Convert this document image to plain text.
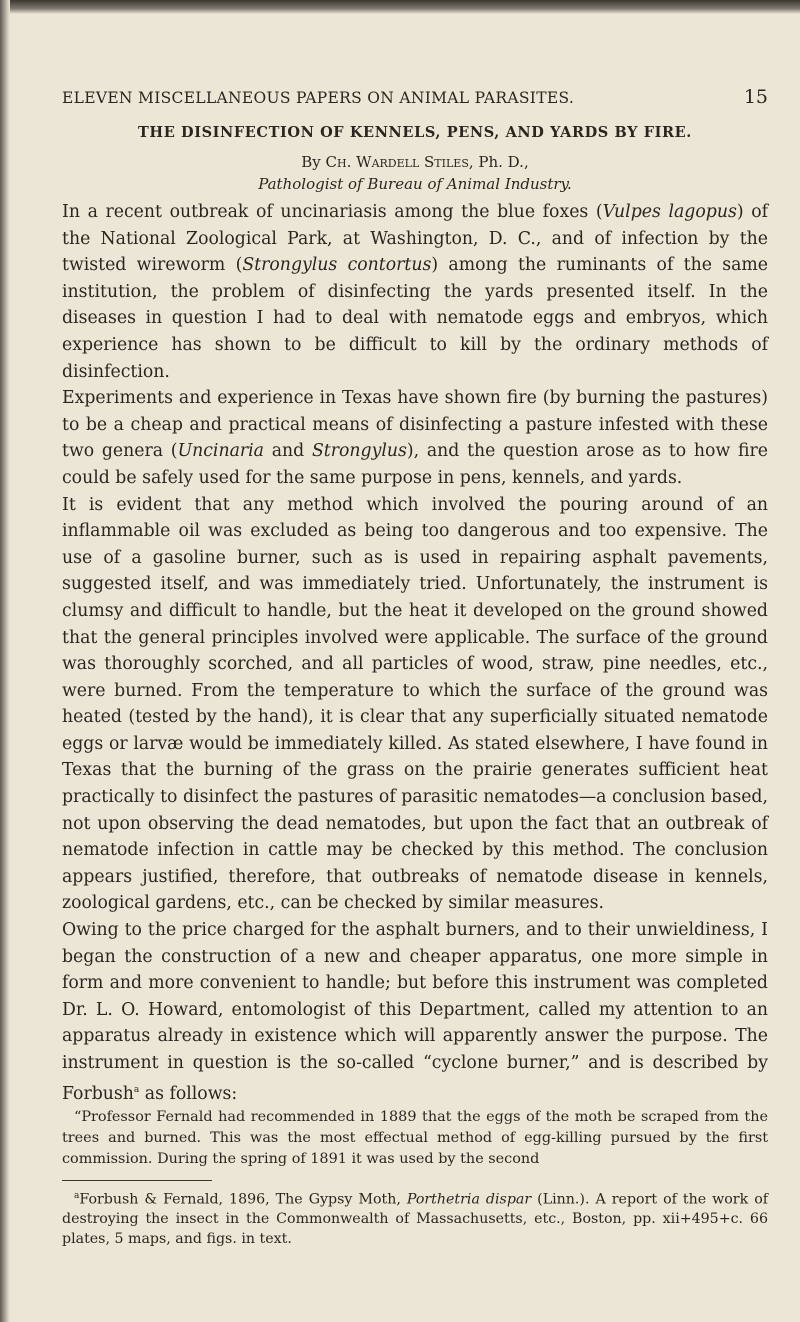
ELEVEN MISCELLANEOUS PAPERS ON ANIMAL PARASITES.	15
THE DISINFECTION OF KENNELS, PENS, AND YARDS BY FIRE.
By Ch. Wardell Stiles, Ph. D.,
Pathologist of Bureau of Animal Industry.

In a recent outbreak of uncinariasis among the blue foxes (Vulpes lagopus) of the National Zoological Park, at Washington, D. C., and of infection by the twisted wireworm (Strongylus contortus) among the ruminants of the same institution, the problem of disinfecting the yards presented itself. In the diseases in question I had to deal with nematode eggs and embryos, which experience has shown to be difficult to kill by the ordinary methods of disinfection.

Experiments and experience in Texas have shown fire (by burning the pastures) to be a cheap and practical means of disinfecting a pasture infested with these two genera (Uncinaria and Strongylus), and the question arose as to how fire could be safely used for the same purpose in pens, kennels, and yards.

It is evident that any method which involved the pouring around of an inflammable oil was excluded as being too dangerous and too expensive. The use of a gasoline burner, such as is used in repairing asphalt pavements, suggested itself, and was immediately tried. Unfortunately, the instrument is clumsy and difficult to handle, but the heat it developed on the ground showed that the general principles involved were applicable. The surface of the ground was thoroughly scorched, and all particles of wood, straw, pine needles, etc., were burned. From the temperature to which the surface of the ground was heated (tested by the hand), it is clear that any superficially situated nematode eggs or larvæ would be immediately killed. As stated elsewhere, I have found in Texas that the burning of the grass on the prairie generates sufficient heat practically to disinfect the pastures of parasitic nematodes—a conclusion based, not upon observing the dead nematodes, but upon the fact that an outbreak of nematode infection in cattle may be checked by this method. The conclusion appears justified, therefore, that outbreaks of nematode disease in kennels, zoological gardens, etc., can be checked by similar measures.

Owing to the price charged for the asphalt burners, and to their unwieldiness, I began the construction of a new and cheaper apparatus, one more simple in form and more convenient to handle; but before this instrument was completed Dr. L. O. Howard, entomologist of this Department, called my attention to an apparatus already in existence which will apparently answer the purpose. The instrument in question is the so-called “cyclone burner,” and is described by Forbush$^a$ as follows:

“Professor Fernald had recommended in 1889 that the eggs of the moth be scraped from the trees and burned. This was the most effectual method of egg-killing pursued by the first commission. During the spring of 1891 it was used by the second

$^a$Forbush & Fernald, 1896, The Gypsy Moth, Porthetria dispar (Linn.). A report of the work of destroying the insect in the Commonwealth of Massachusetts, etc., Boston, pp. xii+495+c. 66 plates, 5 maps, and figs. in text.
